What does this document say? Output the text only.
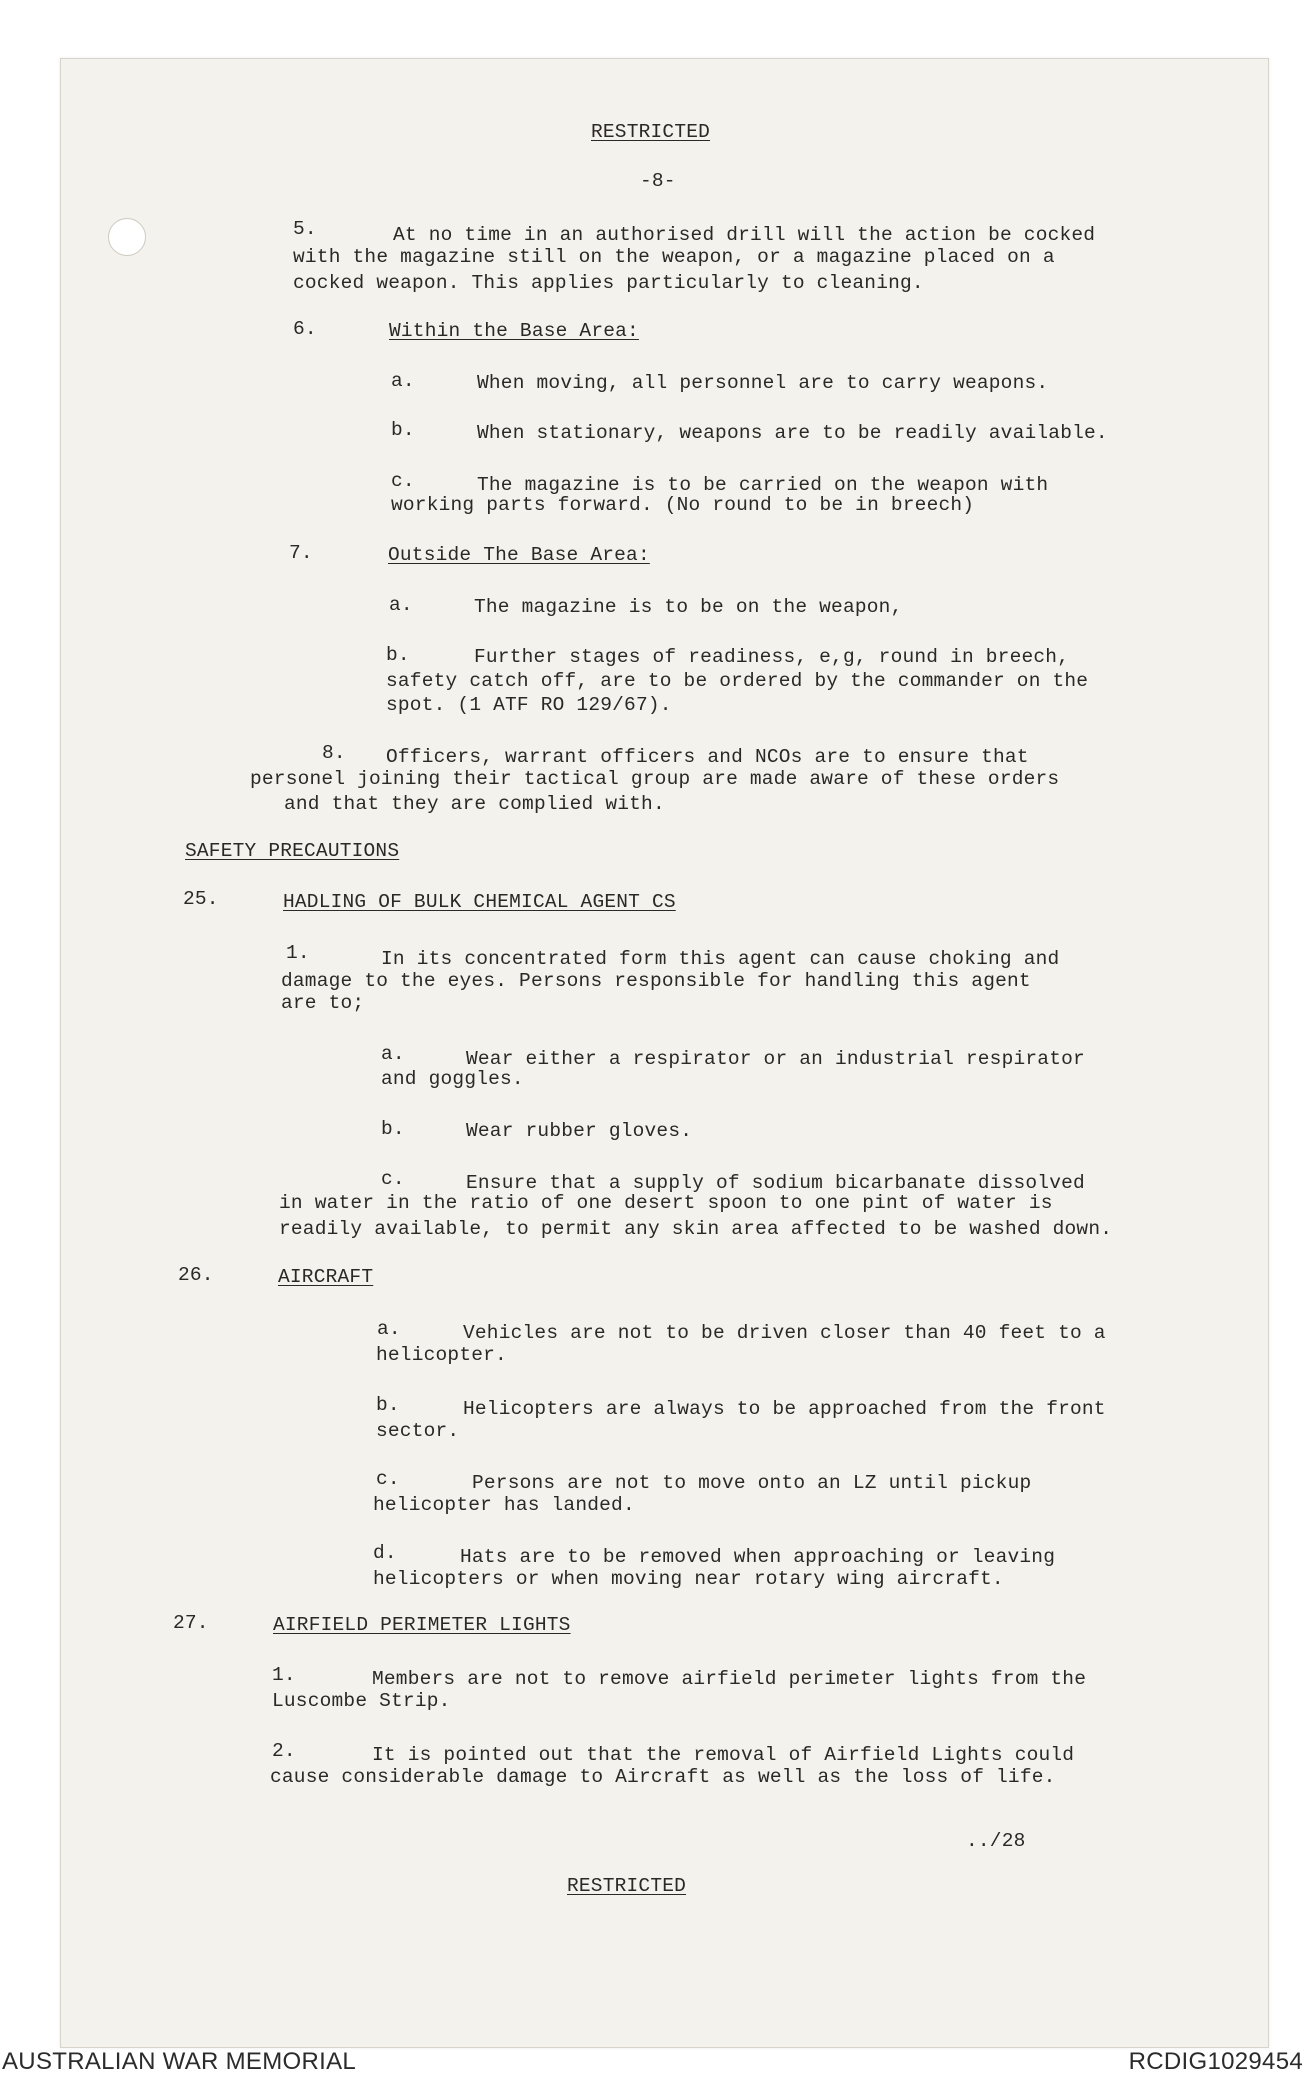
RESTRICTED
-8-
5.	At no time in an authorised drill will the action be cocked
with the magazine still on the weapon, or a magazine placed on a
cocked weapon. This applies particularly to cleaning.
6.	Within the Base Area:
a.	When moving, all personnel are to carry weapons.
b.	When stationary, weapons are to be readily available.
c.	The magazine is to be carried on the weapon with
working parts forward. (No round to be in breech)
7.	Outside The Base Area:
a.	The magazine is to be on the weapon,
b.	Further stages of readiness, e,g, round in breech,
safety catch off, are to be ordered by the commander on the
spot. (1 ATF RO 129/67).
8. Officers, warrant officers and NCOs are to ensure that
personel joining their tactical group are made aware of these orders
and that they are complied with.
SAFETY PRECAUTIONS
25.	HADLING OF BULK CHEMICAL AGENT CS
1.	In its concentrated form this agent can cause choking and
damage to the eyes. Persons responsible for handling this agent
are to;
a.	Wear either a respirator or an industrial respirator
and goggles.
b.	Wear rubber gloves.
c.	Ensure that a supply of sodium bicarbanate dissolved
in water in the ratio of one desert spoon to one pint of water is
readily available, to permit any skin area affected to be washed down.
26.	AIRCRAFT
a.	Vehicles are not to be driven closer than 40 feet to a
helicopter.
b.	Helicopters are always to be approached from the front
sector.
c.	Persons are not to move onto an LZ until pickup
helicopter has landed.
d.	Hats are to be removed when approaching or leaving
helicopters or when moving near rotary wing aircraft.
27.	AIRFIELD PERIMETER LIGHTS
1.	Members are not to remove airfield perimeter lights from the
Luscombe Strip.
2.	It is pointed out that the removal of Airfield Lights could
cause considerable damage to Aircraft as well as the loss of life.
../28
RESTRICTED
AUSTRALIAN WAR MEMORIAL	RCDIG1029454
